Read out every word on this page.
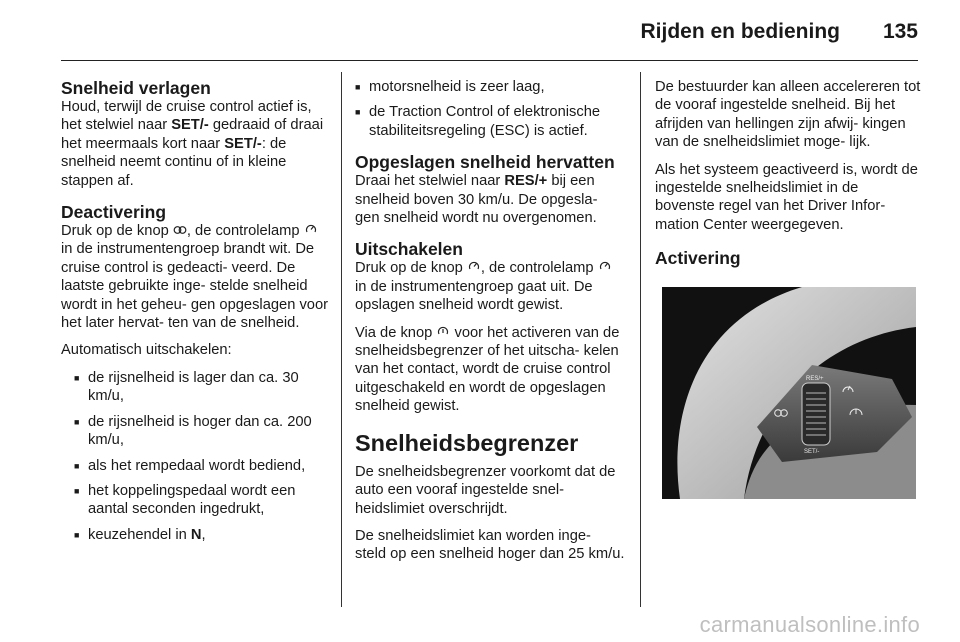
Rijden en bediening 135
Snelheid verlagen

Houd, terwijl de cruise control actief is, het stelwiel naar SET/- gedraaid of draai het meermaals kort naar SET/-: de snelheid neemt continu of in kleine stappen af.

Deactivering

Druk op de knop , de controlelamp  in de instrumentengroep brandt wit. De cruise control is gedeacti- veerd. De laatste gebruikte inge- stelde snelheid wordt in het geheu- gen opgeslagen voor het later hervat- ten van de snelheid.

Automatisch uitschakelen:

■ de rijsnelheid is lager dan ca. 30 km/u,
■ de rijsnelheid is hoger dan ca. 200 km/u,
■ als het rempedaal wordt bediend,
■ het koppelingspedaal wordt een aantal seconden ingedrukt,
■ keuzehendel in N,
■ motorsnelheid is zeer laag,
■ de Traction Control of elektronische stabiliteitsregeling (ESC) is actief.
Opgeslagen snelheid hervatten

Draai het stelwiel naar RES/+ bij een snelheid boven 30 km/u. De opgesla- gen snelheid wordt nu overgenomen.

Uitschakelen

Druk op de knop , de controlelamp  in de instrumentengroep gaat uit. De opslagen snelheid wordt gewist.

Via de knop  voor het activeren van de snelheidsbegrenzer of het uitscha- kelen van het contact, wordt de cruise control uitgeschakeld en wordt de opgeslagen snelheid gewist.

Snelheidsbegrenzer

De snelheidsbegrenzer voorkomt dat de auto een vooraf ingestelde snel- heidslimiet overschrijdt.

De snelheidslimiet kan worden inge- steld op een snelheid hoger dan 25 km/u.

De bestuurder kan alleen accelereren tot de vooraf ingestelde snelheid. Bij het afrijden van hellingen zijn afwij- kingen van de snelheidslimiet moge- lijk.

Als het systeem geactiveerd is, wordt de ingestelde snelheidslimiet in de bovenste regel van het Driver Infor- mation Center weergegeven.

Activering
RES/+
SET/-
carmanualsonline.info
